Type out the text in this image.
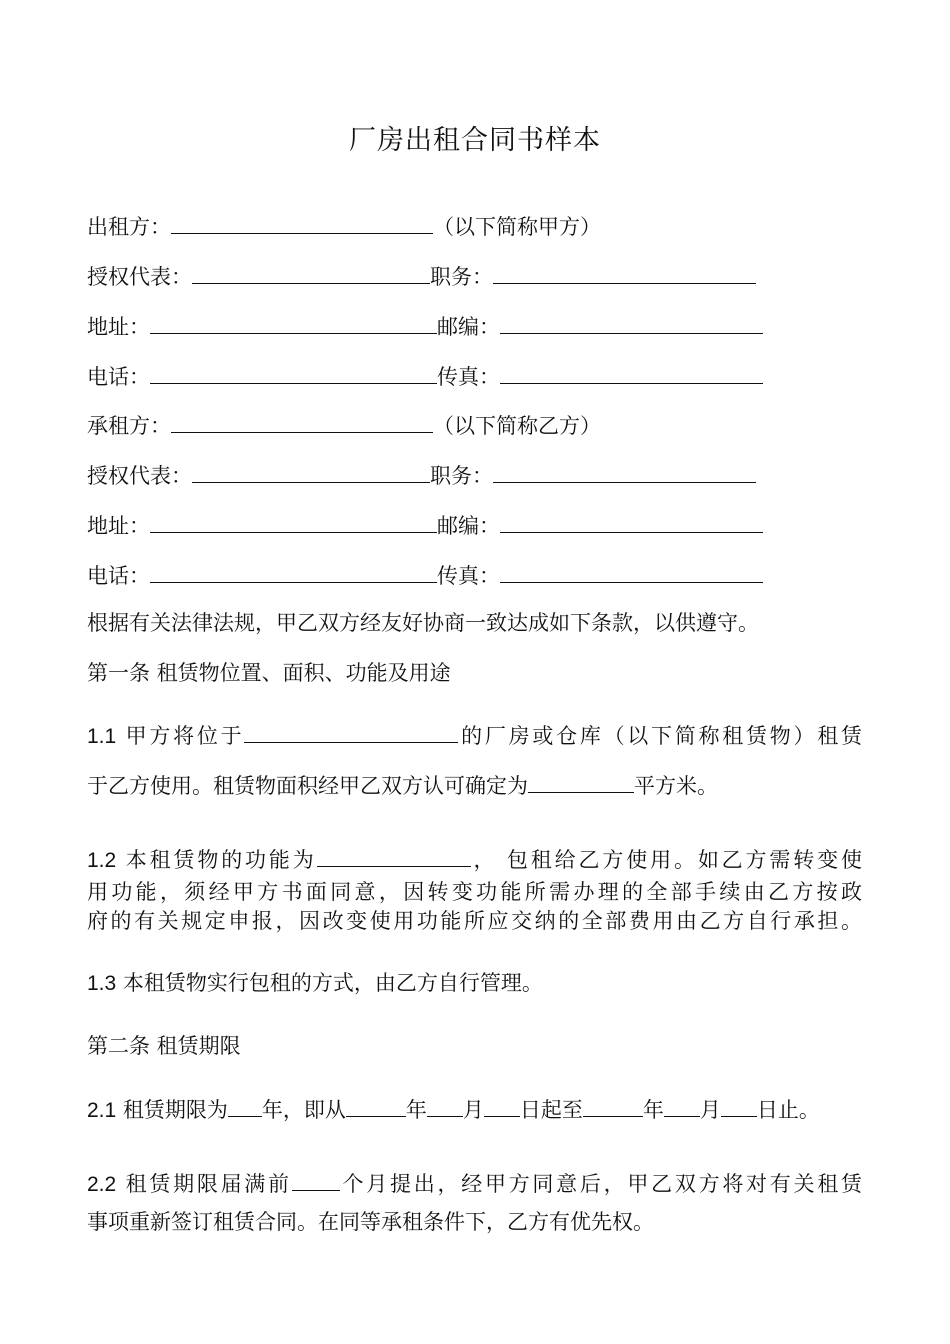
厂房出租合同书样本
出租方：	（以下简称甲方）
授权代表：	职务：
地址：	邮编：
电话：	传真：
承租方：	（以下简称乙方）
授权代表：	职务：
地址：	邮编：
电话：	传真：
根据有关法律法规，甲乙双方经友好协商一致达成如下条款，以供遵守。
第一条 租赁物位置、面积、功能及用途
1.1 甲方将位于	的厂房或仓库（以下简称租赁物）租赁
于乙方使用。租赁物面积经甲乙双方认可确定为	平方米。
1.2 本租赁物的功能为	， 包租给乙方使用。如乙方需转变使
用功能，须经甲方书面同意，因转变功能所需办理的全部手续由乙方按政
府的有关规定申报，因改变使用功能所应交纳的全部费用由乙方自行承担。
1.3 本租赁物实行包租的方式，由乙方自行管理。
第二条 租赁期限
2.1 租赁期限为 年，即从	年 月 日起至	年 月 日止。
2.2 租赁期限届满前 个月提出，经甲方同意后，甲乙双方将对有关租赁
事项重新签订租赁合同。在同等承租条件下，乙方有优先权。
